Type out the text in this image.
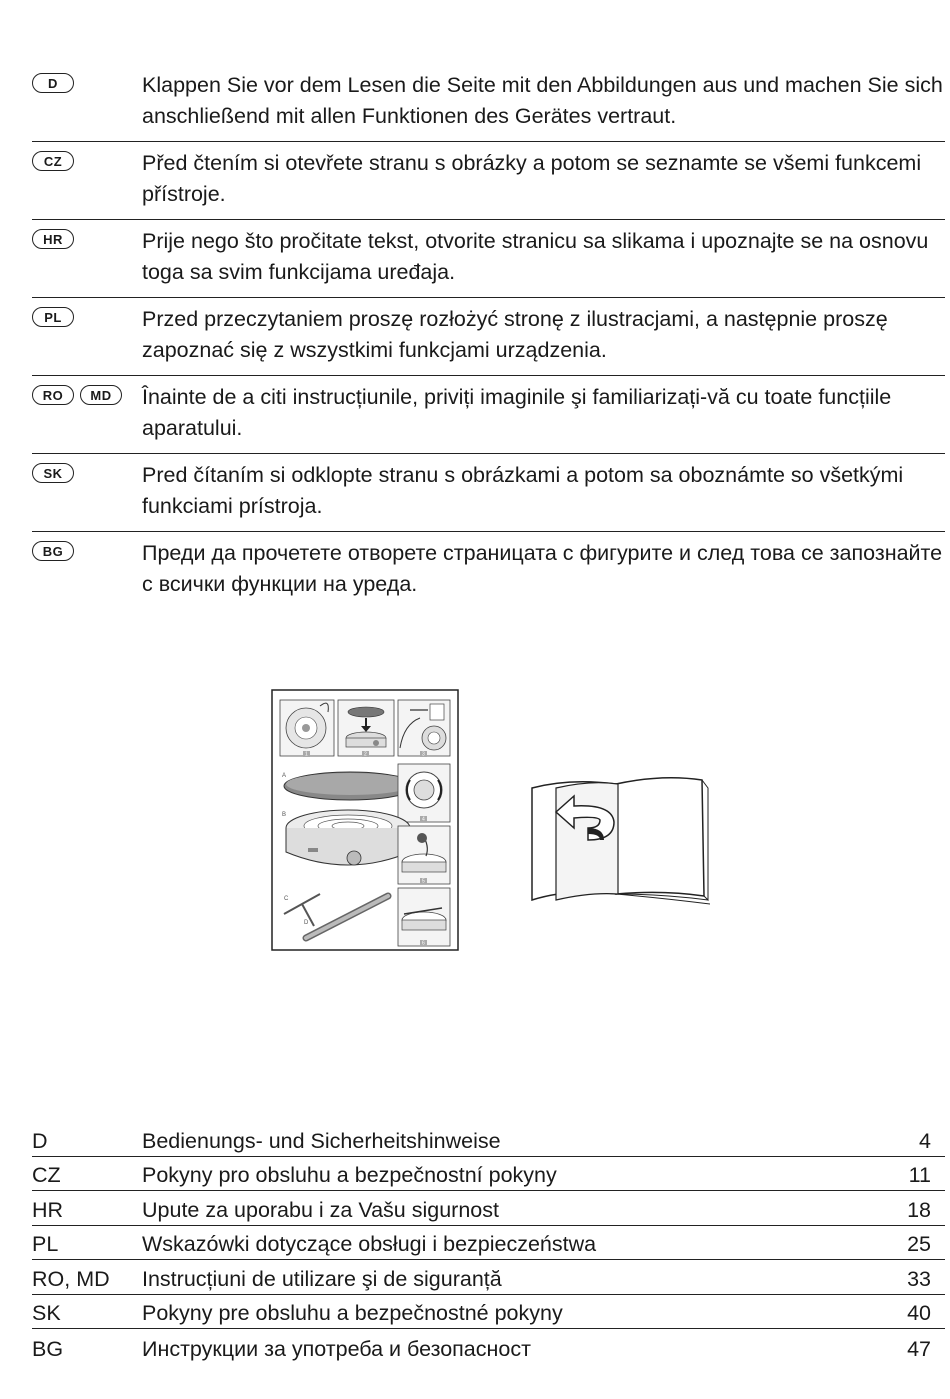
D	Klappen Sie vor dem Lesen die Seite mit den Abbildungen aus und machen Sie sich anschließend mit allen Funktionen des Gerätes vertraut.
CZ	Před čtením si otevřete stranu s obrázky a potom se seznamte se všemi funkcemi přístroje.
HR	Prije nego što pročitate tekst, otvorite stranicu sa slikama i upoznajte se na osnovu toga sa svim funkcijama uređaja.
PL	Przed przeczytaniem proszę rozłożyć stronę z ilustracjami, a następnie proszę zapoznać się z wszystkimi funkcjami urządzenia.
RO	MD	Înainte de a citi instrucțiunile, priviți imaginile şi familiarizați-vă cu toate funcțiile aparatului.
SK	Pred čítaním si odklopte stranu s obrázkami a potom sa oboznámte so všetkými funkciami prístroja.
BG	Преди да прочетете отворете страницата с фигурите и след това се запознайте с всички функции на уреда.
A
B
C
D
1	2	3
4
5
6
D	Bedienungs- und Sicherheitshinweise	4
CZ	Pokyny pro obsluhu a bezpečnostní pokyny	11
HR	Upute za uporabu i za Vašu sigurnost	18
PL	Wskazówki dotyczące obsługi i bezpieczeństwa	25
RO, MD	Instrucțiuni de utilizare şi de siguranță	33
SK	Pokyny pre obsluhu a bezpečnostné pokyny	40
BG	Инструкции за употреба и безопасност	47
